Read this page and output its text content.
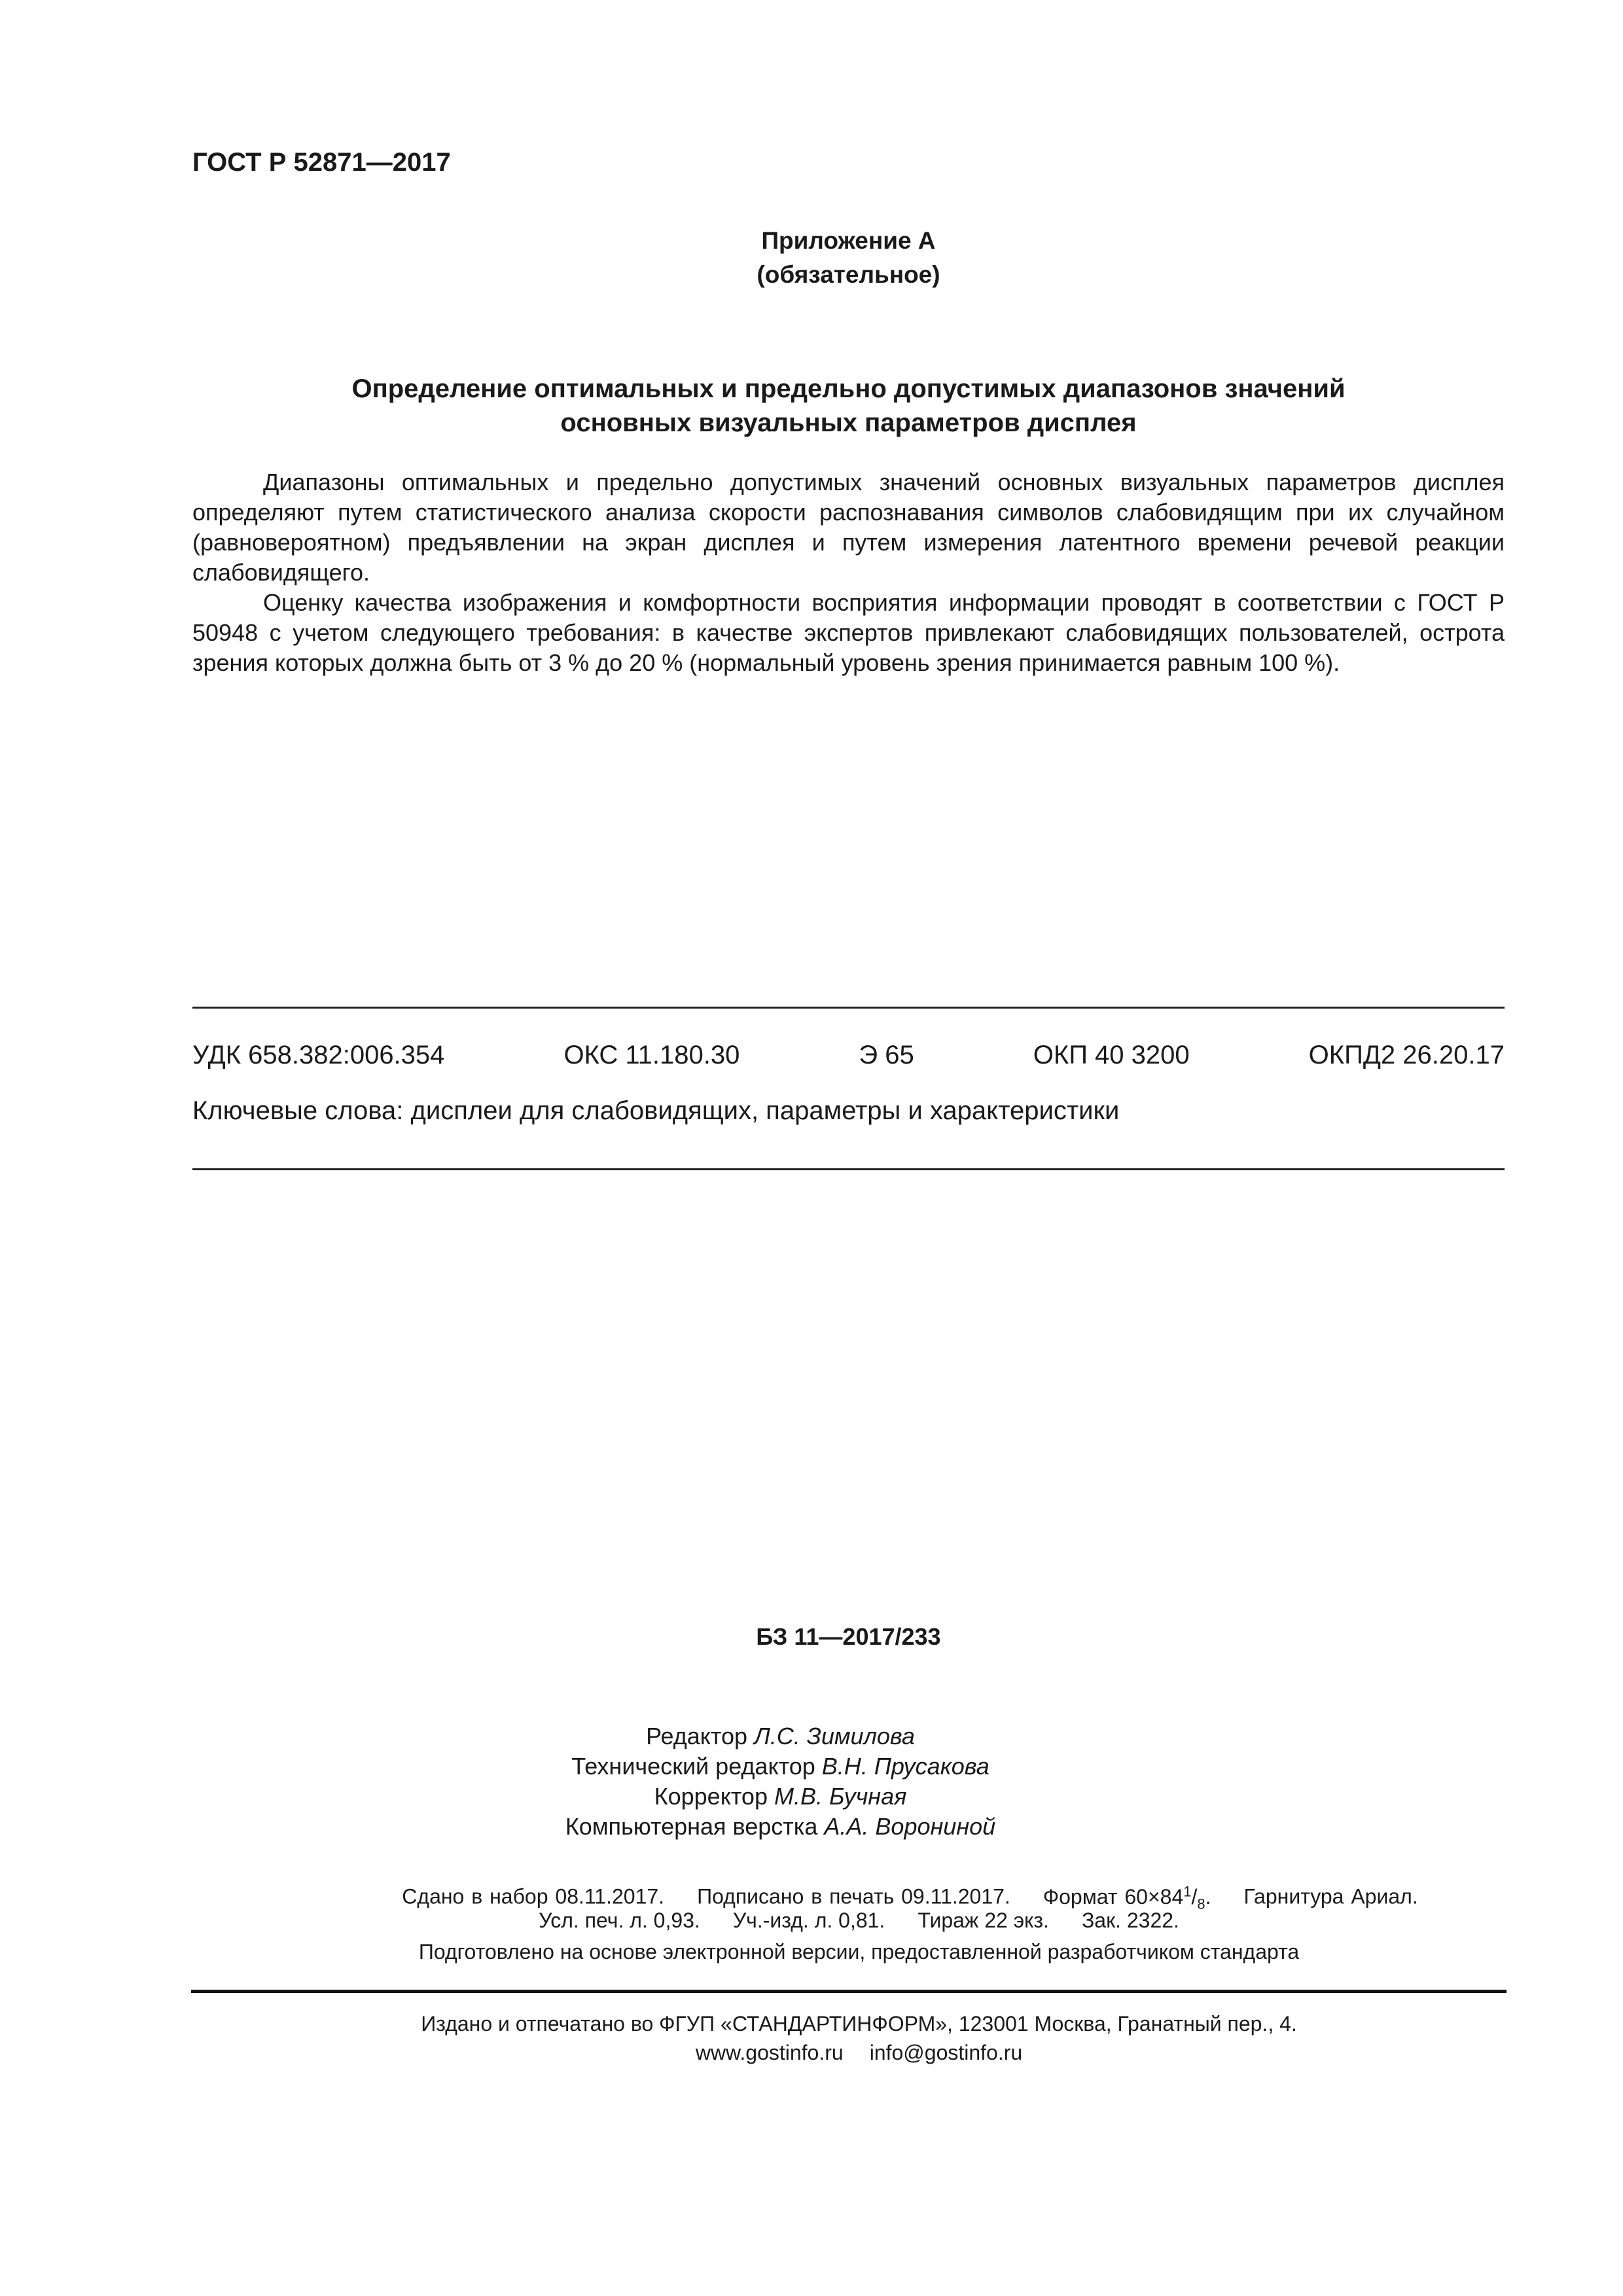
ГОСТ Р 52871—2017
Приложение А
(обязательное)
Определение оптимальных и предельно допустимых диапазонов значений
основных визуальных параметров дисплея

Диапазоны оптимальных и предельно допустимых значений основных визуальных параметров дисплея определяют путем статистического анализа скорости распознавания символов слабовидящим при их случайном (равновероятном) предъявлении на экран дисплея и путем измерения латентного времени речевой реакции слабовидящего.

Оценку качества изображения и комфортности восприятия информации проводят в соответствии с ГОСТ Р 50948 с учетом следующего требования: в качестве экспертов привлекают слабовидящих пользователей, острота зрения которых должна быть от 3 % до 20 % (нормальный уровень зрения принимается равным 100 %).

УДК 658.382:006.354	ОКС 11.180.30	Э 65	ОКП 40 3200	ОКПД2 26.20.17
Ключевые слова: дисплеи для слабовидящих, параметры и характеристики
БЗ 11—2017/233
Редактор Л.С. Зимилова
Технический редактор В.Н. Прусакова
Корректор М.В. Бучная
Компьютерная верстка А.А. Ворониной
Сдано в набор 08.11.2017. Подписано в печать 09.11.2017. Формат $60\times 84^1/_8$. Гарнитура Ариал.
Усл. печ. л. 0,93. Уч.-изд. л. 0,81. Тираж 22 экз. Зак. 2322.
Подготовлено на основе электронной версии, предоставленной разработчиком стандарта
Издано и отпечатано во ФГУП «СТАНДАРТИНФОРМ», 123001 Москва, Гранатный пер., 4.
www.gostinfo.ru info@gostinfo.ru
